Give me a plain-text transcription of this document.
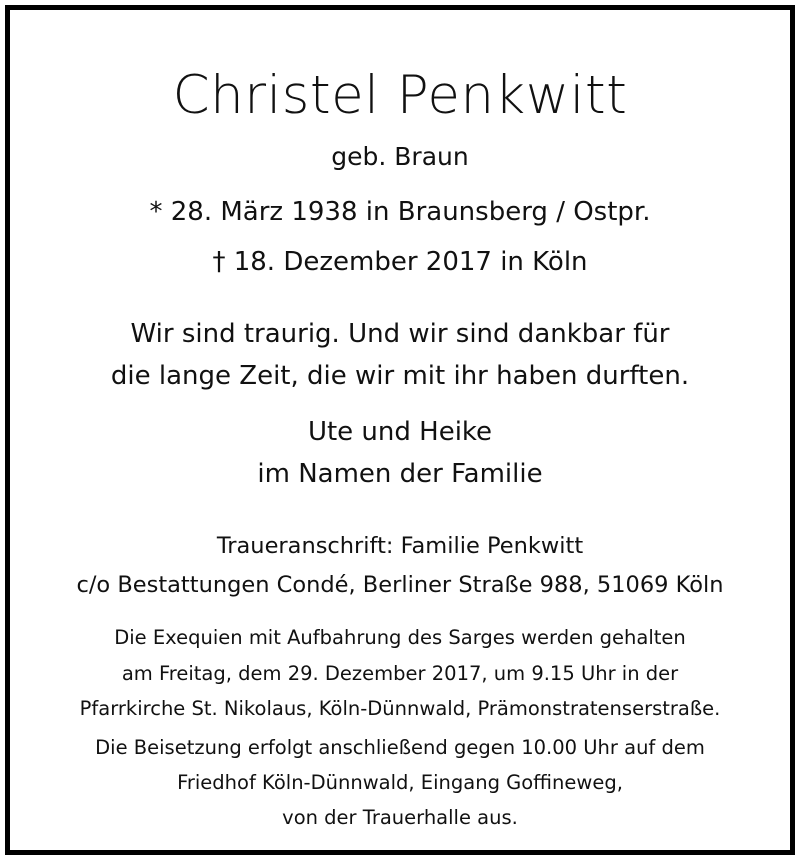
Christel Penkwitt
geb. Braun
* 28. März 1938 in Braunsberg / Ostpr.
† 18. Dezember 2017 in Köln
Wir sind traurig. Und wir sind dankbar für
die lange Zeit, die wir mit ihr haben durften.
Ute und Heike
im Namen der Familie
Traueranschrift: Familie Penkwitt
c/o Bestattungen Condé, Berliner Straße 988, 51069 Köln
Die Exequien mit Aufbahrung des Sarges werden gehalten
am Freitag, dem 29. Dezember 2017, um 9.15 Uhr in der
Pfarrkirche St. Nikolaus, Köln-Dünnwald, Prämonstratenserstraße.
Die Beisetzung erfolgt anschließend gegen 10.00 Uhr auf dem
Friedhof Köln-Dünnwald, Eingang Goffineweg,
von der Trauerhalle aus.
